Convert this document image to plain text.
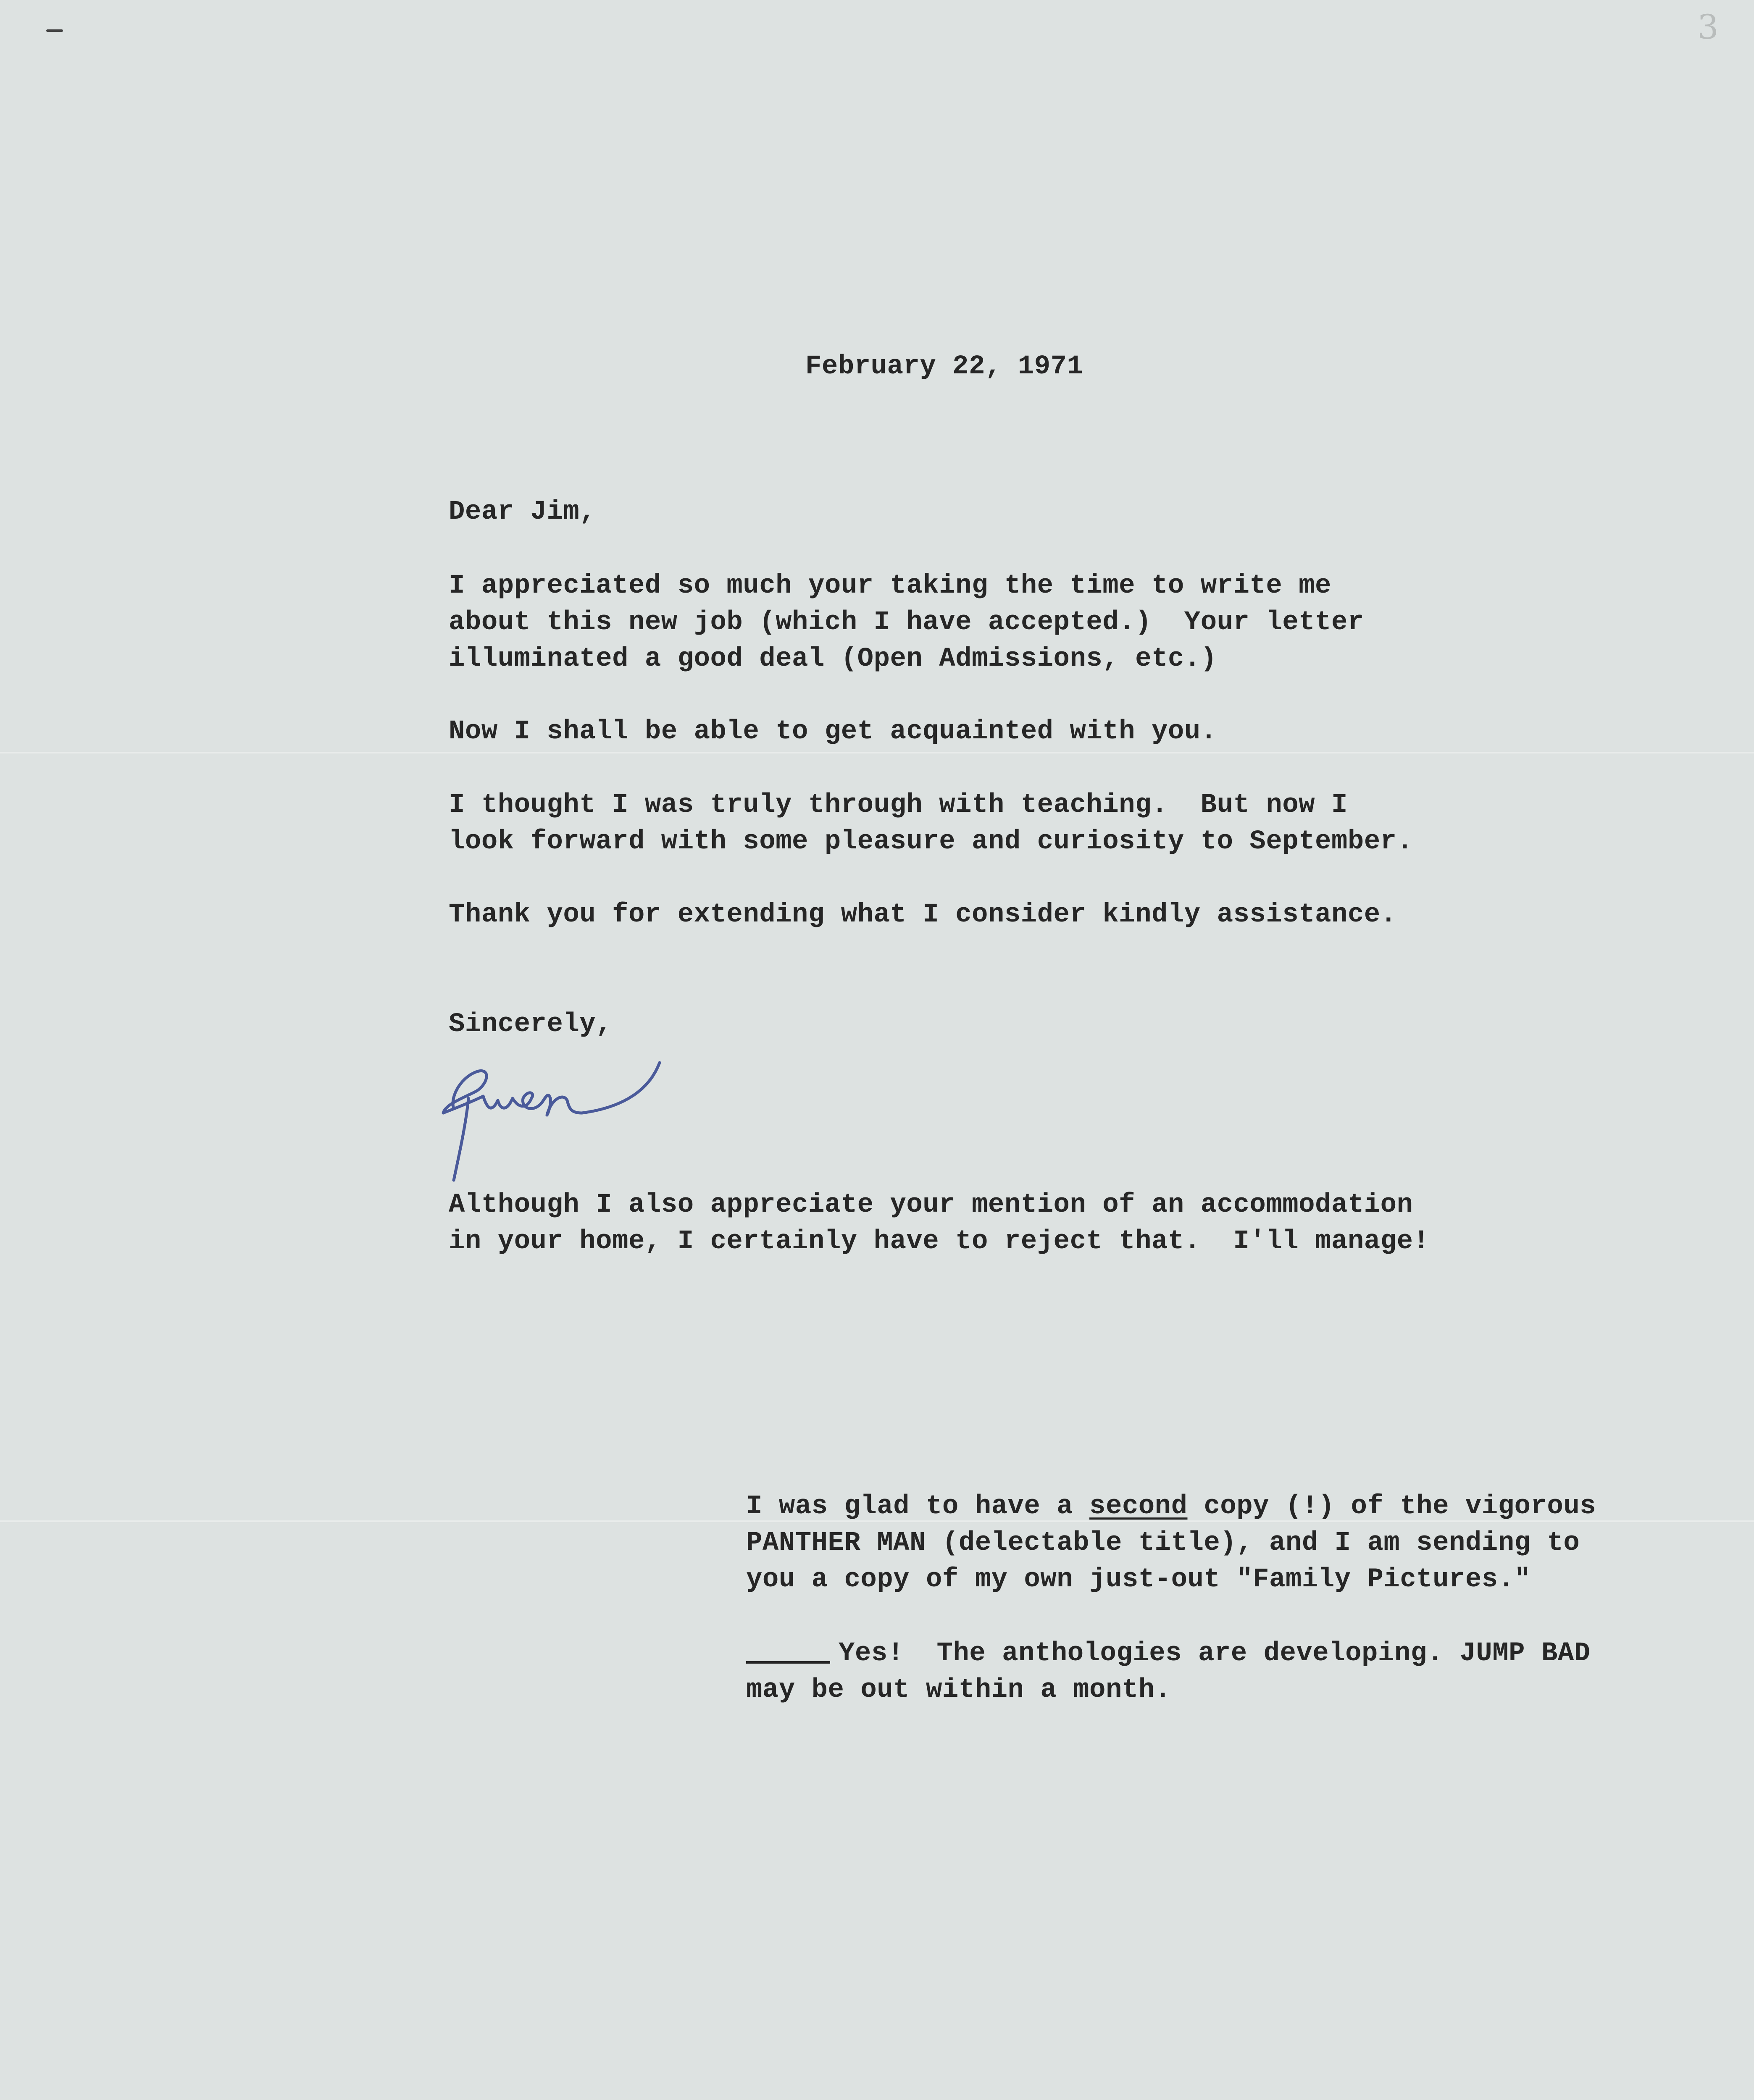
3
February 22, 1971
Dear Jim,
I appreciated so much your taking the time to write me
about this new job (which I have accepted.)  Your letter
illuminated a good deal (Open Admissions, etc.)
Now I shall be able to get acquainted with you.
I thought I was truly through with teaching.  But now I
look forward with some pleasure and curiosity to September.
Thank you for extending what I consider kindly assistance.
Sincerely,
Although I also appreciate your mention of an accommodation
in your home, I certainly have to reject that.  I'll manage!
I was glad to have a second copy (!) of the vigorous
PANTHER MAN (delectable title), and I am sending to
you a copy of my own just-out "Family Pictures."
Yes!  The anthologies are developing. JUMP BAD
may be out within a month.
